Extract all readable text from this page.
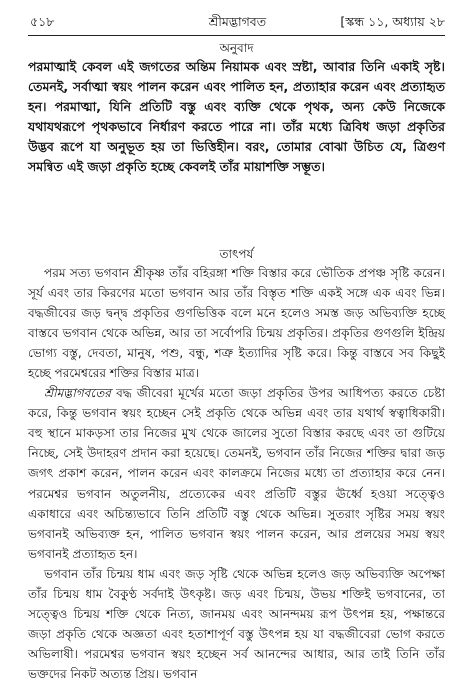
৫১৮	শ্রীমদ্ভাগবত	[স্কন্ধ ১১, অধ্যায় ২৮
অনুবাদ

পরমাত্মাই কেবল এই জগতের অন্তিম নিয়ামক এবং স্রষ্টা, আবার তিনি একাই সৃষ্ট। তেমনই, সর্বাত্মা স্বয়ং পালন করেন এবং পালিত হন, প্রত্যাহার করেন এবং প্রত্যাহৃত হন। পরমাত্মা, যিনি প্রতিটি বস্তু এবং ব্যক্তি থেকে পৃথক, অন্য কেউ নিজেকে যথাযথরূপে পৃথকভাবে নির্ধারণ করতে পারে না। তাঁর মধ্যে ত্রিবিধ জড়া প্রকৃতির উদ্ভব রূপে যা অনুভূত হয় তা ভিত্তিহীন। বরং, তোমার বোঝা উচিত যে, ত্রিগুণ সমন্বিত এই জড়া প্রকৃতি হচ্ছে কেবলই তাঁর মায়াশক্তি সম্ভূত।

তাৎপর্য

পরম সত্য ভগবান শ্রীকৃষ্ণ তাঁর বহিরঙ্গা শক্তি বিস্তার করে ভৌতিক প্রপঞ্চ সৃষ্টি করেন। সূর্য এবং তার কিরণের মতো ভগবান আর তাঁর বিস্তৃত শক্তি একই সঙ্গে এক এবং ভিন্ন। বদ্ধজীবের জড় দ্বন্দ্ব প্রকৃতির গুণভিত্তিক বলে মনে হলেও সমস্ত জড় অভিব্যক্তি হচ্ছে বাস্তবে ভগবান থেকে অভিন্ন, আর তা সর্বোপরি চিন্ময় প্রকৃতির। প্রকৃতির গুণগুলি ইন্দ্রিয় ভোগ্য বস্তু, দেবতা, মানুষ, পশু, বন্ধু, শত্রু ইত্যাদির সৃষ্টি করে। কিন্তু বাস্তবে সব কিছুই হচ্ছে পরমেশ্বরের শক্তির বিস্তার মাত্র।

শ্রীমদ্ভাগবতের বদ্ধ জীবেরা মূর্খের মতো জড়া প্রকৃতির উপর আধিপত্য করতে চেষ্টা করে, কিন্তু ভগবান স্বয়ং হচ্ছেন সেই প্রকৃতি থেকে অভিন্ন এবং তার যথার্থ স্বত্বাধিকারী। বহু স্থানে মাকড়সা তার নিজের মুখ থেকে জালের সুতো বিস্তার করছে এবং তা গুটিয়ে নিচ্ছে, সেই উদাহরণ প্রদান করা হয়েছে। তেমনই, ভগবান তাঁর নিজের শক্তির দ্বারা জড় জগৎ প্রকাশ করেন, পালন করেন এবং কালক্রমে নিজের মধ্যে তা প্রত্যাহার করে নেন। পরমেশ্বর ভগবান অতুলনীয়, প্রত্যেকের এবং প্রতিটি বস্তুর ঊর্ধ্বে হওয়া সত্ত্বেও একাধারে এবং অচিন্ত্যভাবে তিনি প্রতিটি বস্তু থেকে অভিন্ন। সুতরাং সৃষ্টির সময় স্বয়ং ভগবানই অভিব্যক্ত হন, পালিত ভগবান স্বয়ং পালন করেন, আর প্রলয়ের সময় স্বয়ং ভগবানই প্রত্যাহৃত হন।

ভগবান তাঁর চিন্ময় ধাম এবং জড় সৃষ্টি থেকে অভিন্ন হলেও জড় অভিব্যক্তি অপেক্ষা তাঁর চিন্ময় ধাম বৈকুণ্ঠ সর্বদাই উৎকৃষ্ট। জড় এবং চিন্ময়, উভয় শক্তিই ভগবানের, তা সত্ত্বেও চিন্ময় শক্তি থেকে নিত্য, জানময় এবং আনন্দময় রূপ উৎপন্ন হয়, পক্ষান্তরে জড়া প্রকৃতি থেকে অজ্ঞতা এবং হতাশাপূর্ণ বস্তু উৎপন্ন হয় যা বদ্ধজীবেরা ভোগ করতে অভিলাষী। পরমেশ্বর ভগবান স্বয়ং হচ্ছেন সর্ব আনন্দের আধার, আর তাই তিনি তাঁর ভক্তদের নিকট অত্যন্ত প্রিয়। ভগবান
